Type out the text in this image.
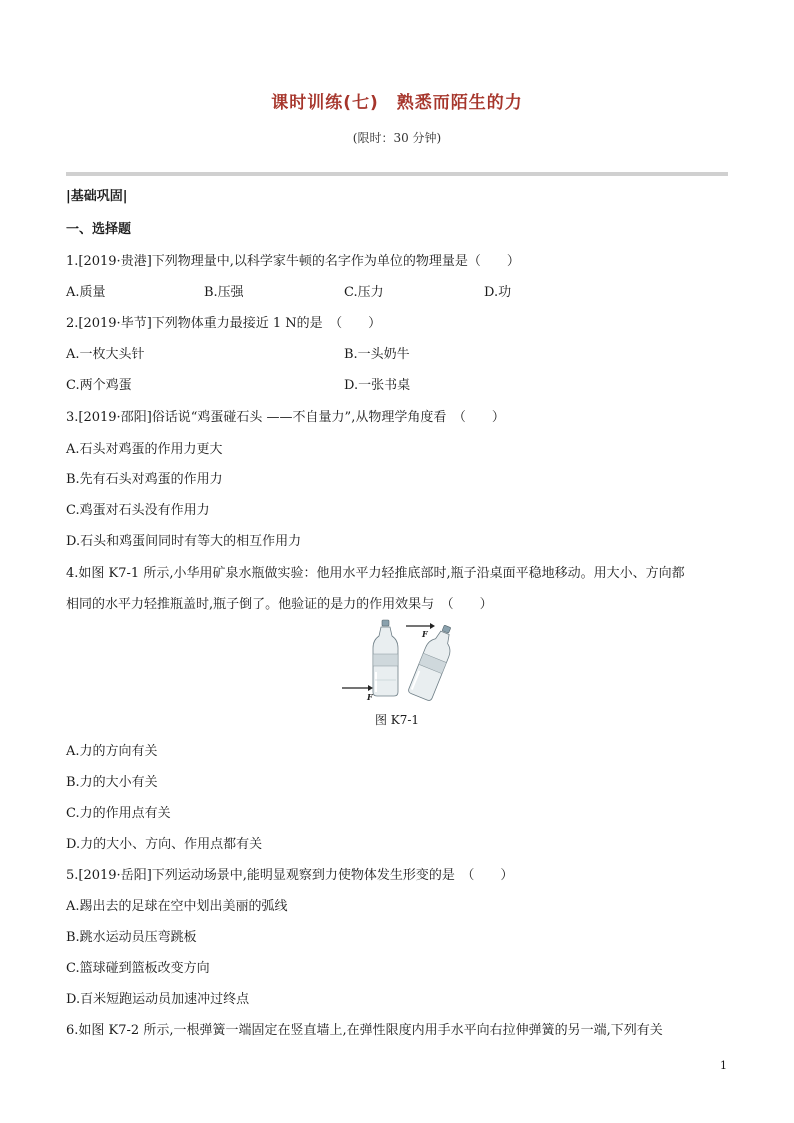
课时训练(七) 熟悉而陌生的力
(限时：30 分钟)
|基础巩固|
一、选择题
1.[2019·贵港]下列物理量中,以科学家牛顿的名字作为单位的物理量是（　　）
A.质量	B.压强	C.压力	D.功
2.[2019·毕节]下列物体重力最接近 1 N的是　（　　）
A.一枚大头针	B.一头奶牛
C.两个鸡蛋	D.一张书桌
3.[2019·邵阳]俗话说“鸡蛋碰石头 ——不自量力”,从物理学角度看　（　　）
A.石头对鸡蛋的作用力更大
B.先有石头对鸡蛋的作用力
C.鸡蛋对石头没有作用力
D.石头和鸡蛋间同时有等大的相互作用力
4.如图 K7-1 所示,小华用矿泉水瓶做实验：他用水平力轻推底部时,瓶子沿桌面平稳地移动。用大小、方向都
相同的水平力轻推瓶盖时,瓶子倒了。他验证的是力的作用效果与　（　　）
F
F
图 K7-1
A.力的方向有关
B.力的大小有关
C.力的作用点有关
D.力的大小、方向、作用点都有关
5.[2019·岳阳]下列运动场景中,能明显观察到力使物体发生形变的是　（　　）
A.踢出去的足球在空中划出美丽的弧线
B.跳水运动员压弯跳板
C.篮球碰到篮板改变方向
D.百米短跑运动员加速冲过终点
6.如图 K7-2 所示,一根弹簧一端固定在竖直墙上,在弹性限度内用手水平向右拉伸弹簧的另一端,下列有关
1
